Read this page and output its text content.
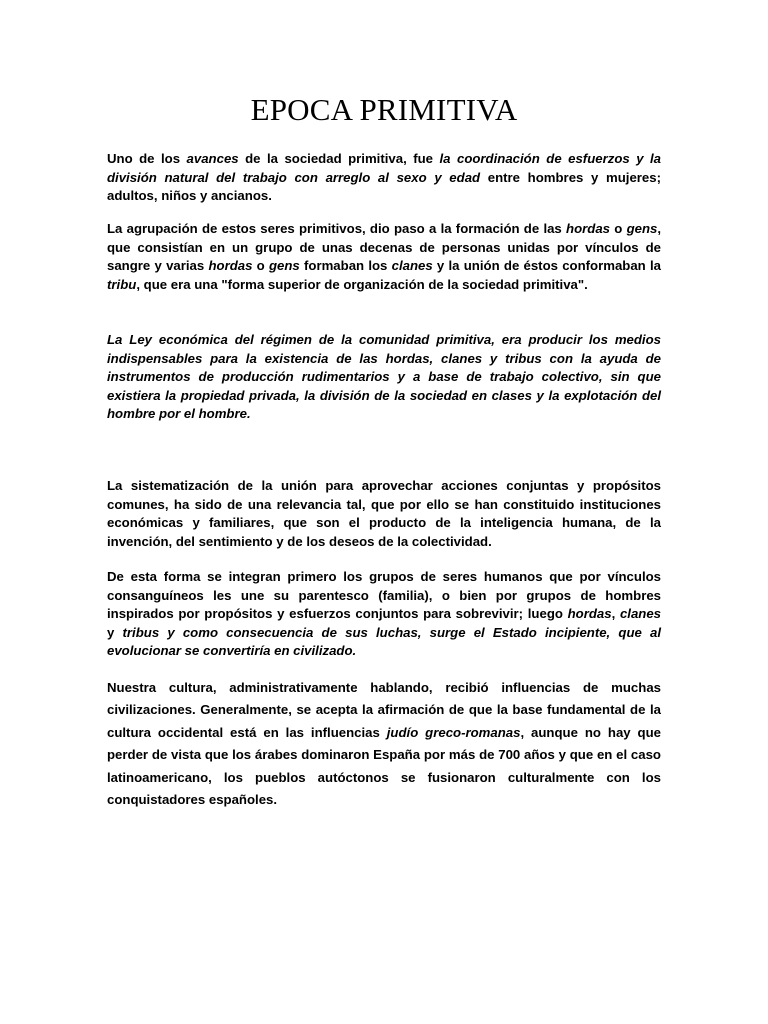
EPOCA PRIMITIVA

Uno de los avances de la sociedad primitiva, fue la coordinación de esfuerzos y la división natural del trabajo con arreglo al sexo y edad entre hombres y mujeres; adultos, niños y ancianos.

La agrupación de estos seres primitivos, dio paso a la formación de las hordas o gens, que consistían en un grupo de unas decenas de personas unidas por vínculos de sangre y varias hordas o gens formaban los clanes y la unión de éstos conformaban la tribu, que era una "forma superior de organización de la sociedad primitiva".

La Ley económica del régimen de la comunidad primitiva, era producir los medios indispensables para la existencia de las hordas, clanes y tribus con la ayuda de instrumentos de producción rudimentarios y a base de trabajo colectivo, sin que existiera la propiedad privada, la división de la sociedad en clases y la explotación del hombre por el hombre.

La sistematización de la unión para aprovechar acciones conjuntas y propósitos comunes, ha sido de una relevancia tal, que por ello se han constituido instituciones económicas y familiares, que son el producto de la inteligencia humana, de la invención, del sentimiento y de los deseos de la colectividad.

De esta forma se integran primero los grupos de seres humanos que por vínculos consanguíneos les une su parentesco (familia), o bien por grupos de hombres inspirados por propósitos y esfuerzos conjuntos para sobrevivir; luego hordas, clanes y tribus y como consecuencia de sus luchas, surge el Estado incipiente, que al evolucionar se convertiría en civilizado.

Nuestra cultura, administrativamente hablando, recibió influencias de muchas civilizaciones. Generalmente, se acepta la afirmación de que la base fundamental de la cultura occidental está en las influencias judío greco-romanas, aunque no hay que perder de vista que los árabes dominaron España por más de 700 años y que en el caso latinoamericano, los pueblos autóctonos se fusionaron culturalmente con los conquistadores españoles.
